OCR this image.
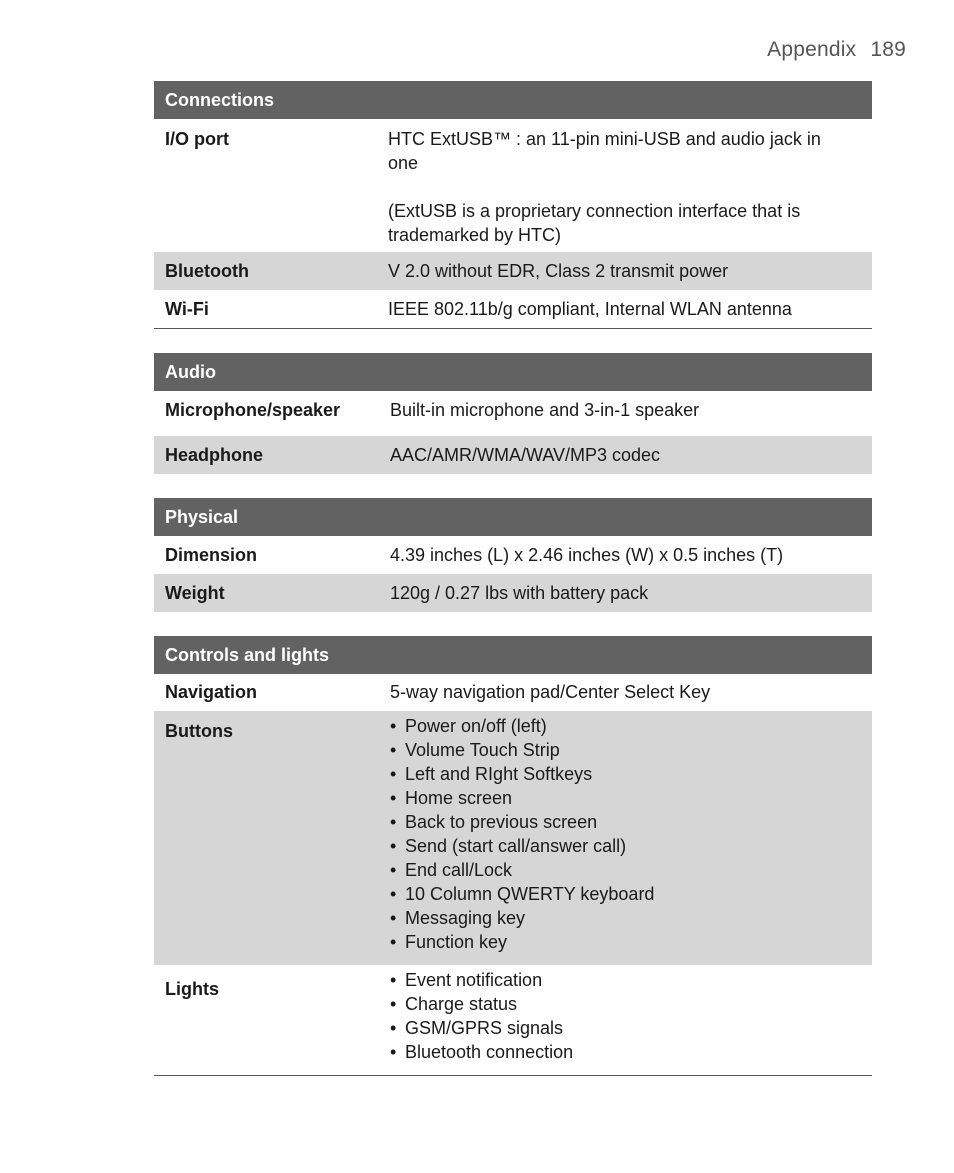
Appendix 189
Connections
I/O port	HTC ExtUSB™ : an 11-pin mini-USB and audio jack in one

(ExtUSB is a proprietary connection interface that is trademarked by HTC)

Bluetooth	V 2.0 without EDR, Class 2 transmit power
Wi-Fi	IEEE 802.11b/g compliant, Internal WLAN antenna
Audio
Microphone/speaker	Built-in microphone and 3-in-1 speaker
Headphone	AAC/AMR/WMA/WAV/MP3 codec
Physical
Dimension	4.39 inches (L) x 2.46 inches (W) x 0.5 inches (T)
Weight	120g / 0.27 lbs with battery pack
Controls and lights
Navigation	5-way navigation pad/Center Select Key
Buttons	• Power on/off (left)
• Volume Touch Strip
• Left and RIght Softkeys
• Home screen
• Back to previous screen
• Send (start call/answer call)
• End call/Lock
• 10 Column QWERTY keyboard
• Messaging key
• Function key
Lights	• Event notification
• Charge status
• GSM/GPRS signals
• Bluetooth connection
